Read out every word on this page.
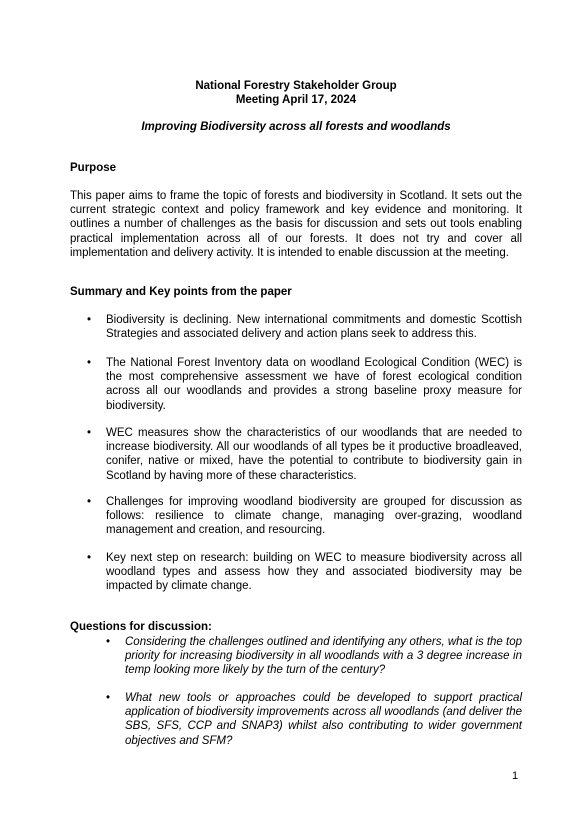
National Forestry Stakeholder Group
Meeting April 17, 2024
Improving Biodiversity across all forests and woodlands
Purpose

This paper aims to frame the topic of forests and biodiversity in Scotland. It sets out the current strategic context and policy framework and key evidence and monitoring. It outlines a number of challenges as the basis for discussion and sets out tools enabling practical implementation across all of our forests. It does not try and cover all implementation and delivery activity. It is intended to enable discussion at the meeting.

Summary and Key points from the paper
• Biodiversity is declining. New international commitments and domestic Scottish Strategies and associated delivery and action plans seek to address this.
• The National Forest Inventory data on woodland Ecological Condition (WEC) is the most comprehensive assessment we have of forest ecological condition across all our woodlands and provides a strong baseline proxy measure for biodiversity.
• WEC measures show the characteristics of our woodlands that are needed to increase biodiversity. All our woodlands of all types be it productive broadleaved, conifer, native or mixed, have the potential to contribute to biodiversity gain in Scotland by having more of these characteristics.
• Challenges for improving woodland biodiversity are grouped for discussion as follows: resilience to climate change, managing over-grazing, woodland management and creation, and resourcing.
• Key next step on research: building on WEC to measure biodiversity across all woodland types and assess how they and associated biodiversity may be impacted by climate change.
Questions for discussion:
• Considering the challenges outlined and identifying any others, what is the top priority for increasing biodiversity in all woodlands with a 3 degree increase in temp looking more likely by the turn of the century?
• What new tools or approaches could be developed to support practical application of biodiversity improvements across all woodlands (and deliver the SBS, SFS, CCP and SNAP3) whilst also contributing to wider government objectives and SFM?
1
